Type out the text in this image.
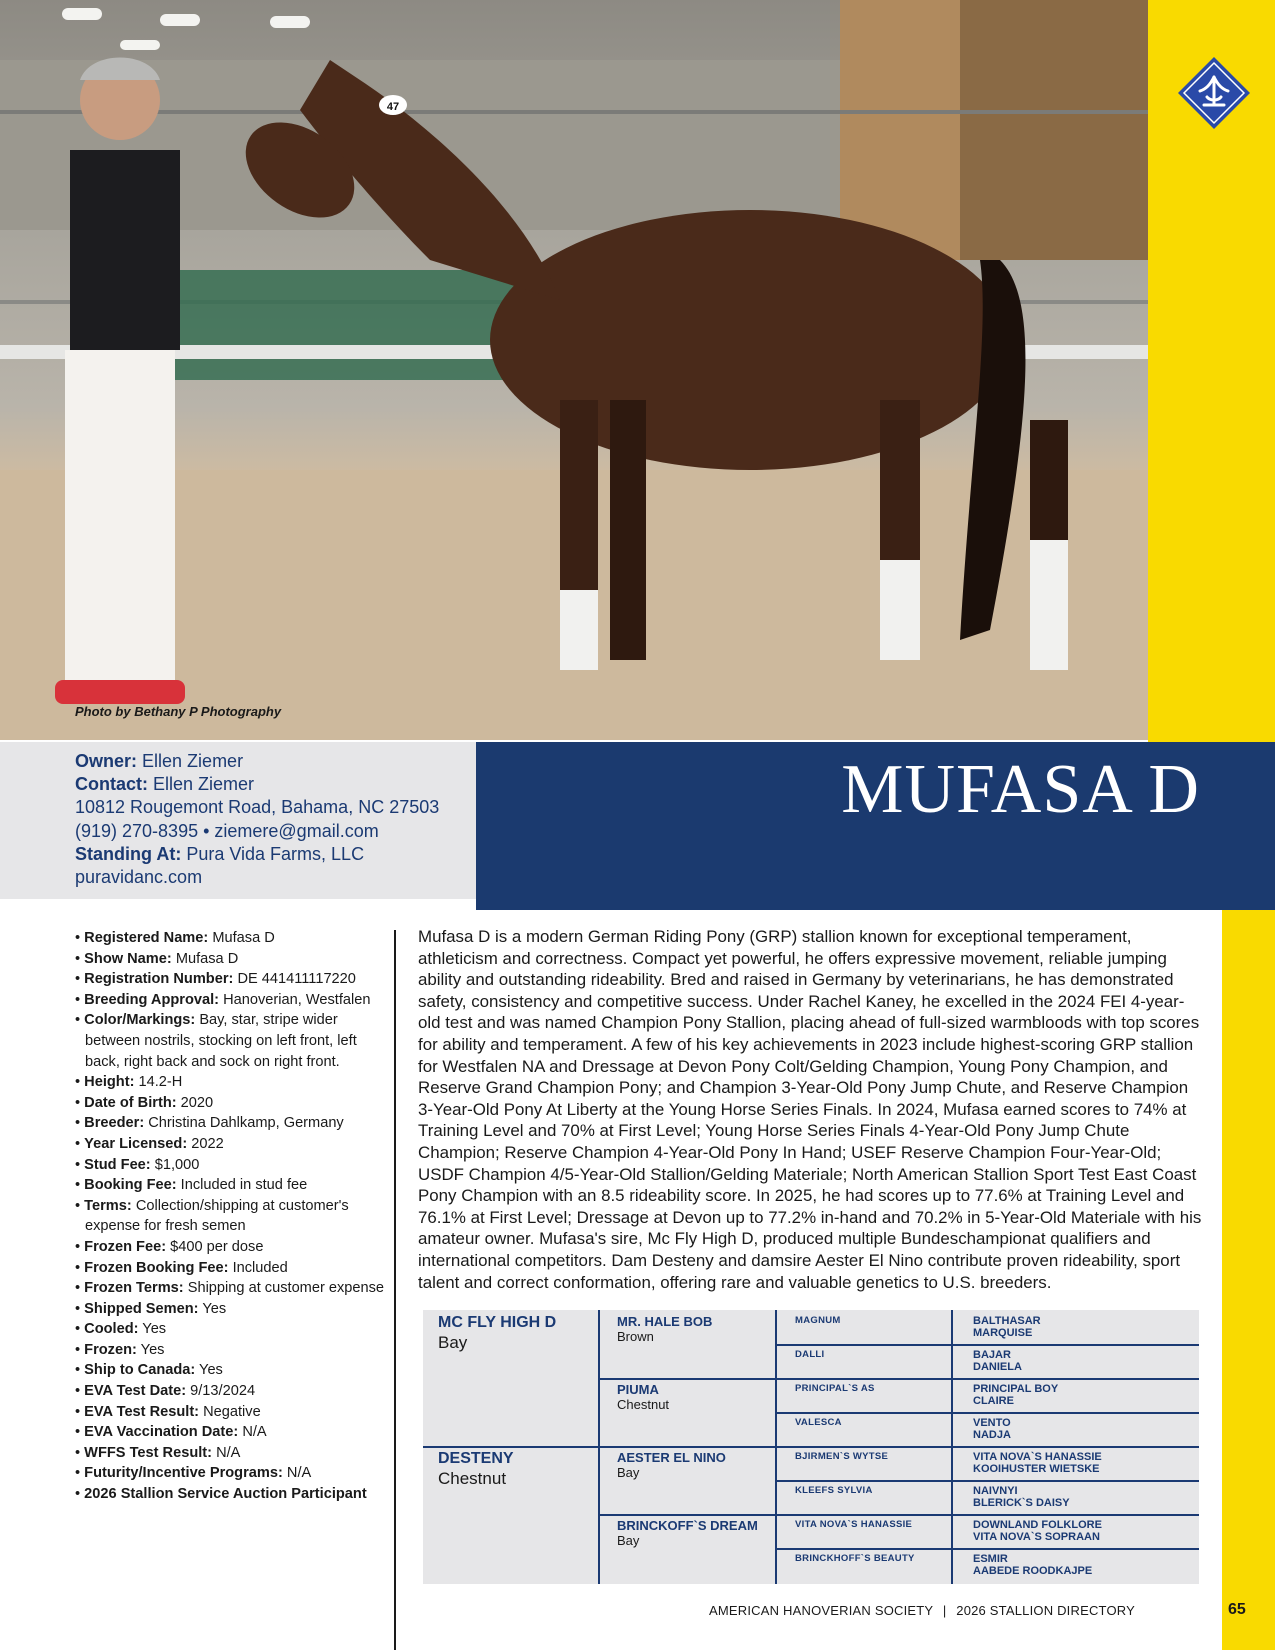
47
Photo by Bethany P Photography
Owner: Ellen Ziemer
Contact: Ellen Ziemer
10812 Rougemont Road, Bahama, NC 27503
(919) 270-8395 • ziemere@gmail.com
Standing At: Pura Vida Farms, LLC
puravidanc.com
MUFASA D
• Registered Name: Mufasa D
• Show Name: Mufasa D
• Registration Number: DE 441411117220
• Breeding Approval: Hanoverian, Westfalen
• Color/Markings: Bay, star, stripe wider between nostrils, stocking on left front, left back, right back and sock on right front.
• Height: 14.2-H
• Date of Birth: 2020
• Breeder: Christina Dahlkamp, Germany
• Year Licensed: 2022
• Stud Fee: $1,000
• Booking Fee: Included in stud fee
• Terms: Collection/shipping at customer's expense for fresh semen
• Frozen Fee: $400 per dose
• Frozen Booking Fee: Included
• Frozen Terms: Shipping at customer expense
• Shipped Semen: Yes
• Cooled: Yes
• Frozen: Yes
• Ship to Canada: Yes
• EVA Test Date: 9/13/2024
• EVA Test Result: Negative
• EVA Vaccination Date: N/A
• WFFS Test Result: N/A
• Futurity/Incentive Programs: N/A
• 2026 Stallion Service Auction Participant

Mufasa D is a modern German Riding Pony (GRP) stallion known for exceptional temperament, athleticism and correctness. Compact yet powerful, he offers expressive movement, reliable jumping ability and outstanding rideability. Bred and raised in Germany by veterinarians, he has demonstrated safety, consistency and competitive success. Under Rachel Kaney, he excelled in the 2024 FEI 4-year-old test and was named Champion Pony Stallion, placing ahead of full-sized warmbloods with top scores for ability and temperament. A few of his key achievements in 2023 include highest-scoring GRP stallion for Westfalen NA and Dressage at Devon Pony Colt/Gelding Champion, Young Pony Champion, and Reserve Grand Champion Pony; and Champion 3-Year-Old Pony Jump Chute, and Reserve Champion 3-Year-Old Pony At Liberty at the Young Horse Series Finals. In 2024, Mufasa earned scores to 74% at Training Level and 70% at First Level; Young Horse Series Finals 4-Year-Old Pony Jump Chute Champion; Reserve Champion 4-Year-Old Pony In Hand; USEF Reserve Champion Four-Year-Old; USDF Champion 4/5-Year-Old Stallion/Gelding Materiale; North American Stallion Sport Test East Coast Pony Champion with an 8.5 rideability score. In 2025, he had scores up to 77.6% at Training Level and 76.1% at First Level; Dressage at Devon up to 77.2% in-hand and 70.2% in 5-Year-Old Materiale with his amateur owner. Mufasa's sire, Mc Fly High D, produced multiple Bundeschampionat qualifiers and international competitors. Dam Desteny and damsire Aester El Nino contribute proven rideability, sport talent and correct conformation, offering rare and valuable genetics to U.S. breeders.

MC FLY HIGH D
Bay
DESTENY
Chestnut
MR. HALE BOB
Brown
PIUMA
Chestnut
AESTER EL NINO
Bay
BRINCKOFF`S DREAM
Bay
MAGNUM
DALLI
PRINCIPAL`S AS
VALESCA
BJIRMEN`S WYTSE
KLEEFS SYLVIA
VITA NOVA`S HANASSIE
BRINCKHOFF`S BEAUTY
BALTHASAR
MARQUISE
BAJAR
DANIELA
PRINCIPAL BOY
CLAIRE
VENTO
NADJA
VITA NOVA`S HANASSIE
KOOIHUSTER WIETSKE
NAIVNYI
BLERICK`S DAISY
DOWNLAND FOLKLORE
VITA NOVA`S SOPRAAN
ESMIR
AABEDE ROODKAJPE
AMERICAN HANOVERIAN SOCIETY | 2026 STALLION DIRECTORY	65
